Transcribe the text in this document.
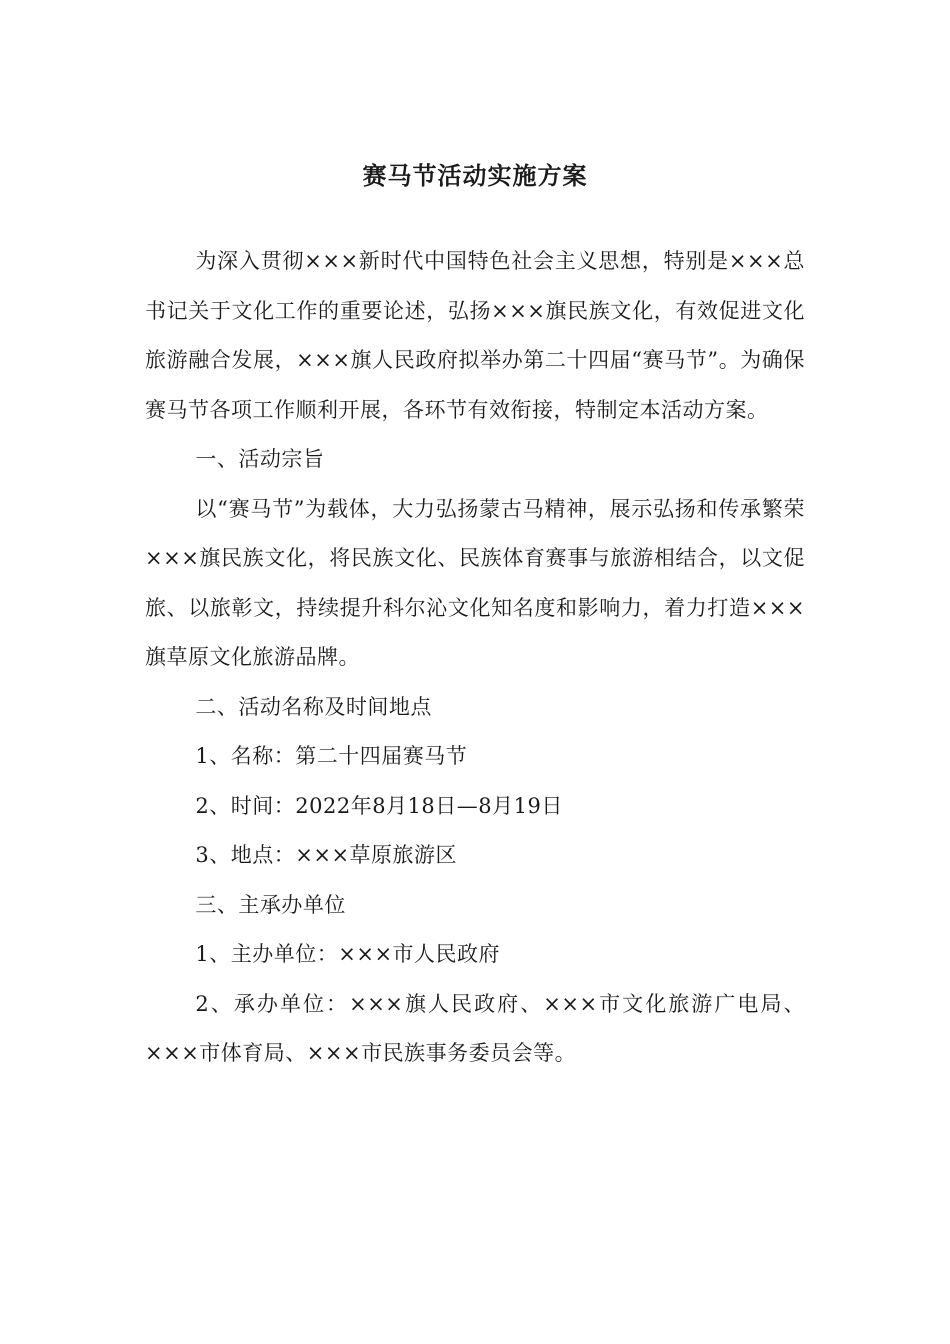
赛马节活动实施方案

为深入贯彻×××新时代中国特色社会主义思想，特别是×××总书记关于文化工作的重要论述，弘扬×××旗民族文化，有效促进文化旅游融合发展，×××旗人民政府拟举办第二十四届“赛马节”。为确保赛马节各项工作顺利开展，各环节有效衔接，特制定本活动方案。

一、活动宗旨

以“赛马节”为载体，大力弘扬蒙古马精神，展示弘扬和传承繁荣×××旗民族文化，将民族文化、民族体育赛事与旅游相结合，以文促旅、以旅彰文，持续提升科尔沁文化知名度和影响力，着力打造×××旗草原文化旅游品牌。

二、活动名称及时间地点

1、名称：第二十四届赛马节

2、时间：2022年8月18日—8月19日

3、地点：×××草原旅游区

三、主承办单位

1、主办单位：×××市人民政府

2、承办单位：×××旗人民政府、×××市文化旅游广电局、×××市体育局、×××市民族事务委员会等。
